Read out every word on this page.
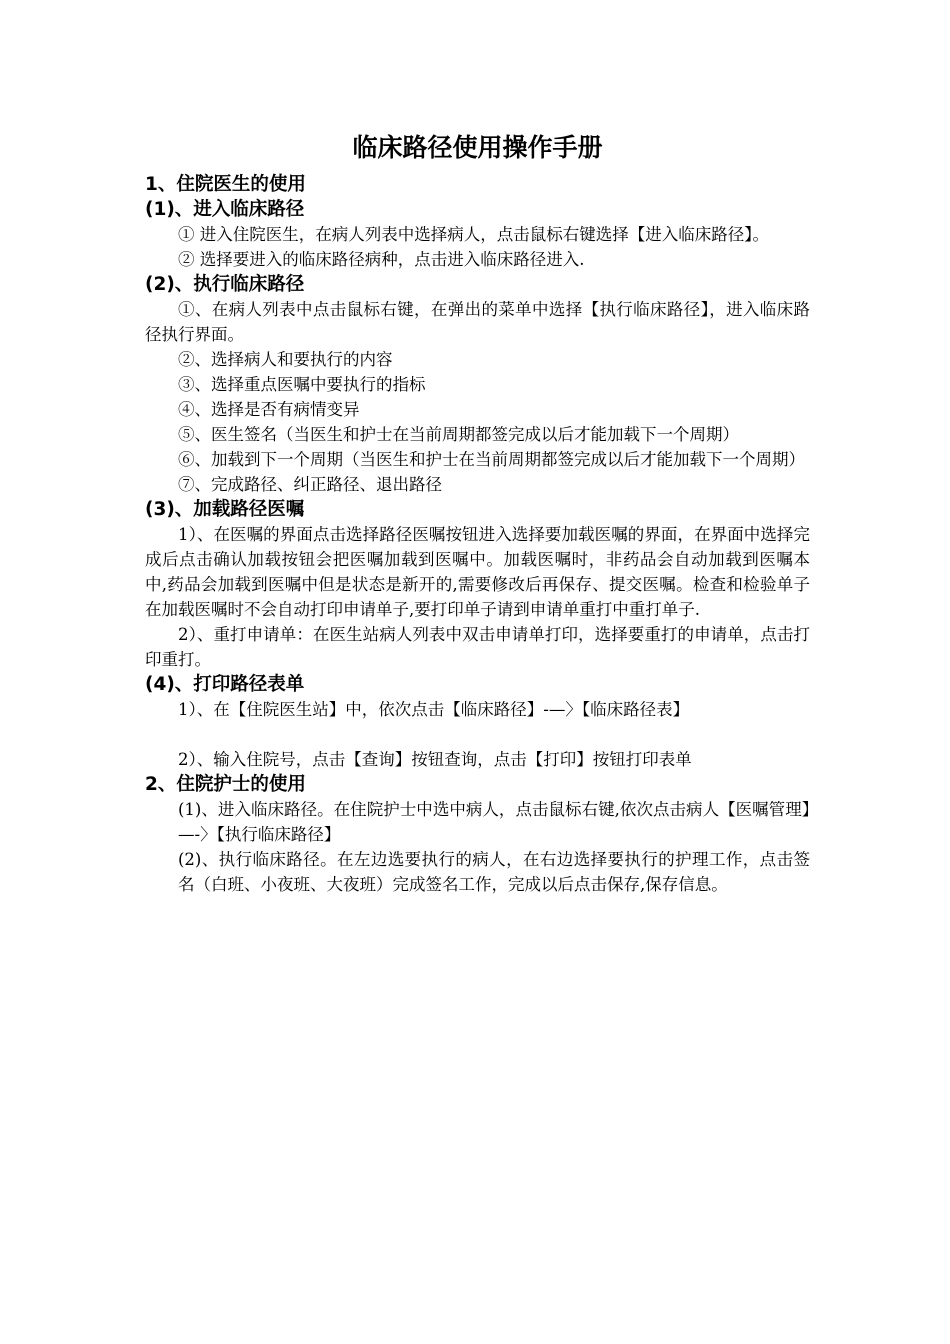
临床路径使用操作手册
1、住院医生的使用
(1)、进入临床路径

① 进入住院医生，在病人列表中选择病人，点击鼠标右键选择【进入临床路径】。

② 选择要进入的临床路径病种，点击进入临床路径进入.

(2)、执行临床路径

①、在病人列表中点击鼠标右键，在弹出的菜单中选择【执行临床路径】，进入临床路径执行界面。

②、选择病人和要执行的内容

③、选择重点医嘱中要执行的指标

④、选择是否有病情变异

⑤、医生签名（当医生和护士在当前周期都签完成以后才能加载下一个周期）

⑥、加载到下一个周期（当医生和护士在当前周期都签完成以后才能加载下一个周期）

⑦、完成路径、纠正路径、退出路径

(3)、加载路径医嘱

1）、在医嘱的界面点击选择路径医嘱按钮进入选择要加载医嘱的界面，在界面中选择完成后点击确认加载按钮会把医嘱加载到医嘱中。加载医嘱时，非药品会自动加载到医嘱本中,药品会加载到医嘱中但是状态是新开的,需要修改后再保存、提交医嘱。检查和检验单子在加载医嘱时不会自动打印申请单子,要打印单子请到申请单重打中重打单子.

2）、重打申请单：在医生站病人列表中双击申请单打印，选择要重打的申请单，点击打印重打。

(4)、打印路径表单

1）、在【住院医生站】中，依次点击【临床路径】-—〉【临床路径表】

2）、输入住院号，点击【查询】按钮查询，点击【打印】按钮打印表单

2、住院护士的使用

(1)、进入临床路径。在住院护士中选中病人，点击鼠标右键,依次点击病人【医嘱管理】—-〉【执行临床路径】

(2)、执行临床路径。在左边选要执行的病人，在右边选择要执行的护理工作，点击签名（白班、小夜班、大夜班）完成签名工作，完成以后点击保存,保存信息。
